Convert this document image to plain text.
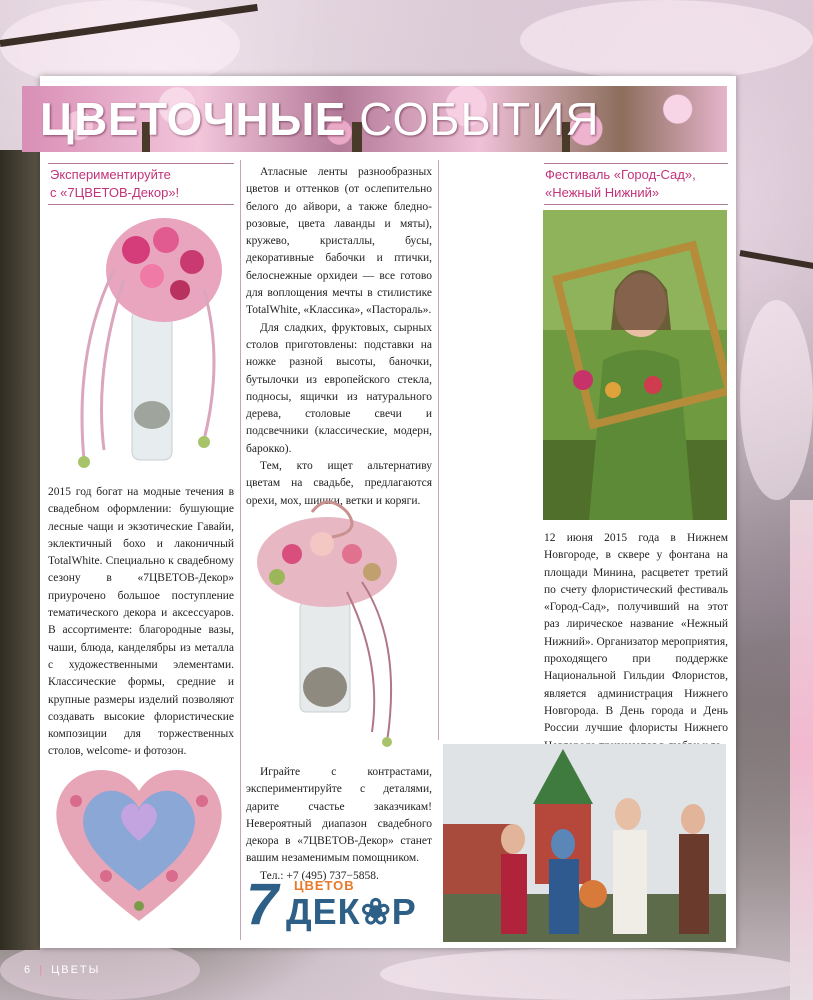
ЦВЕТОЧНЫЕ СОБЫТИЯ
Экспериментируйте
с «7ЦВЕТОВ-Декор»!

2015 год богат на модные течения в свадебном оформлении: бушующие лесные чащи и экзотические Гавайи, эклектичный бохо и лаконичный TotalWhite. Специально к свадебному сезону в «7ЦВЕТОВ-Декор» приурочено большое поступление тематического декора и аксессуаров. В ассортименте: благородные вазы, чаши, блюда, канделябры из металла с художественными элементами. Классические формы, средние и крупные размеры изделий позволяют создавать высокие флористические композиции для торжественных столов, welcome- и фотозон.

Атласные ленты разнообразных цветов и оттенков (от ослепительно белого до айвори, а также бледно-розовые, цвета лаванды и мяты), кружево, кристаллы, бусы, декоративные бабочки и птички, белоснежные орхидеи — все готово для воплощения мечты в стилистике TotalWhite, «Классика», «Пастораль».

Для сладких, фруктовых, сырных столов приготовлены: подставки на ножке разной высоты, баночки, бутылочки из европейского стекла, подносы, ящички из натурального дерева, столовые свечи и подсвечники (классические, модерн, барокко).

Тем, кто ищет альтернативу цветам на свадьбе, предлагаются орехи, мох, шишки, ветки и коряги.

Играйте с контрастами, экспериментируйте с деталями, дарите счастье заказчикам! Невероятный диапазон свадебного декора в «7ЦВЕТОВ-Декор» станет вашим незаменимым помощником.

Тел.: +7 (495) 737−5858.

7 ЦВЕТОВ
ДЕК❀Р
Фестиваль «Город-Сад»,
«Нежный Нижний»

12 июня 2015 года в Нижнем Новгороде, в сквере у фонтана на площади Минина, расцветет третий по счету флористический фестиваль «Город-Сад», получивший на этот раз лирическое название «Нежный Нижний». Организатор мероприятия, проходящего при поддержке Национальной Гильдии Флористов, является администрация Нижнего Новгорода. В День города и День России лучшие флористы Нижнего

6 | ЦВЕТЫ
